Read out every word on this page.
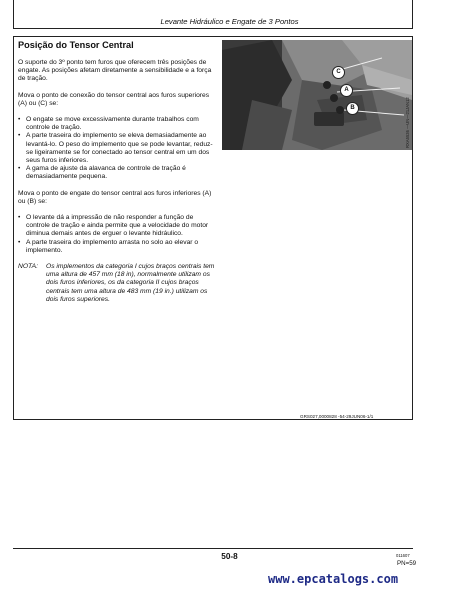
Levante Hidráulico e Engate de 3 Pontos
Posição do Tensor Central

O suporte do 3º ponto tem furos que oferecem três posições de engate. As posições afetam diretamente a sensibilidade e a força de tração.

Mova o ponto de conexão do tensor central aos furos superiores (A) ou (C) se:

• O engate se move excessivamente durante trabalhos com controle de tração.
• A parte traseira do implemento se eleva demasiadamente ao levantá-lo. O peso do implemento que se pode levantar, reduz-se ligeiramente se for conectado ao tensor central em um dos seus furos inferiores.
• A gama de ajuste da alavanca de controle de tração é demasiadamente pequena.

Mova o ponto de engate do tensor central aos furos inferiores (A) ou (B) se:

• O levante dá a impressão de não responder a função de controle de tração e ainda permite que a velocidade do motor diminua demais antes de erguer o levante hidráulico.
• A parte traseira do implemento arrasta no solo ao elevar o implemento.
NOTA:	Os implementos da categoria I cujos braços centrais tem uma altura de 457 mm (18 in), normalmente utilizam os dois furos inferiores, os da categoria II cujos braços centrais tem uma altura de 483 mm (19 in.) utilizam os dois furos superiores.
C
A
B	RXA5536 —UN—21JAN12
GRS027,0000828 -54-29JUN06-1/1
50-8	011607
PN=59
www.epcatalogs.com
